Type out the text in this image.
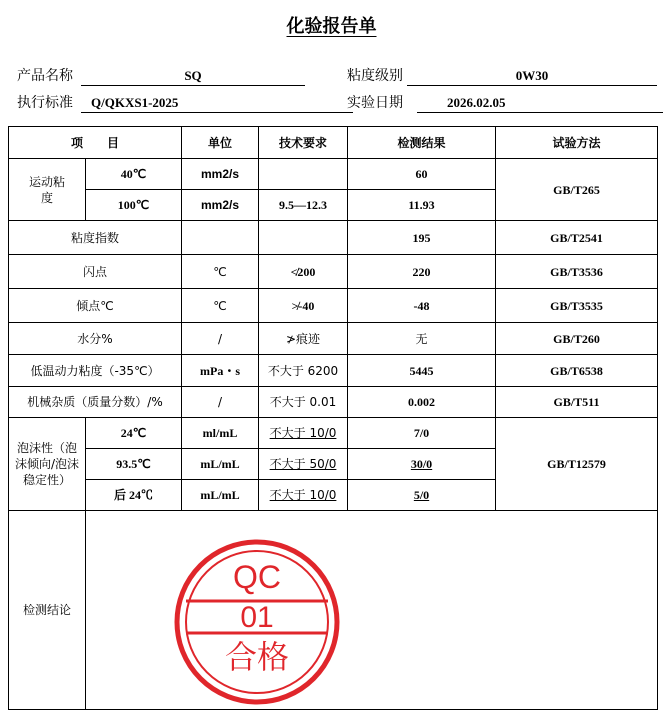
化验报告单
产品名称	SQ	粘度级别	0W30
执行标准	Q/QKXS1-2025	实验日期	2026.02.05
项　　目		单位	技术要求	检测结果	试验方法

运动粘度	40℃	mm2/s		60	GB/T265
	100℃	mm2/s	9.5—12.3	11.93	
粘度指数				195	GB/T2541
闪点		℃	≮200	220	GB/T3536
倾点℃		℃	≯-40	-48	GB/T3535
水分%		/	≯痕迹	无	GB/T260
低温动力粘度（-35℃）		mPa・s	不大于 6200	5445	GB/T6538
机械杂质（质量分数）/%		/	不大于 0.01	0.002	GB/T511

泡沫性（泡沫倾向/泡沫稳定性）	24℃	ml/mL	不大于 10/0	7/0	GB/T12579
	93.5℃	mL/mL	不大于 50/0	30/0	
	后 24℃	mL/mL	不大于 10/0	5/0	
检测结论					
QC
01
合格
